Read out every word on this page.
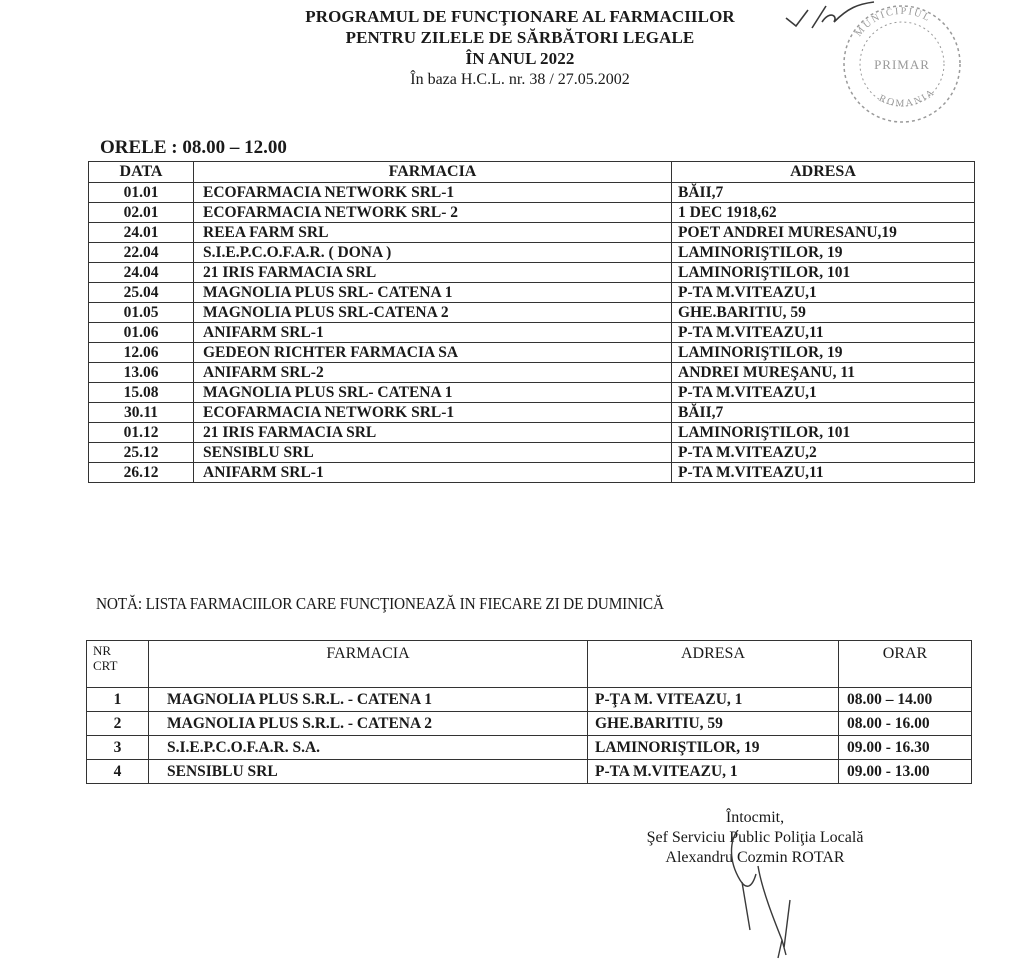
PROGRAMUL DE FUNCŢIONARE AL FARMACIILOR
PENTRU ZILELE DE SĂRBĂTORI LEGALE
ÎN ANUL 2022
În baza H.C.L. nr. 38 / 27.05.2002
MUNICIPIUL
ROMANIA
PRIMAR
ORELE : 08.00 – 12.00
DATA	FARMACIA	ADRESA
01.01	ECOFARMACIA NETWORK SRL-1	BĂII,7
02.01	ECOFARMACIA NETWORK SRL- 2	1 DEC 1918,62
24.01	REEA FARM SRL	POET ANDREI MURESANU,19
22.04	S.I.E.P.C.O.F.A.R. ( DONA )	LAMINORIŞTILOR, 19
24.04	21 IRIS FARMACIA SRL	LAMINORIŞTILOR, 101
25.04	MAGNOLIA PLUS SRL- CATENA 1	P-TA M.VITEAZU,1
01.05	MAGNOLIA PLUS SRL-CATENA 2	GHE.BARITIU, 59
01.06	ANIFARM SRL-1	P-TA M.VITEAZU,11
12.06	GEDEON RICHTER FARMACIA SA	LAMINORIŞTILOR, 19
13.06	ANIFARM SRL-2	ANDREI MUREŞANU, 11
15.08	MAGNOLIA PLUS SRL- CATENA 1	P-TA M.VITEAZU,1
30.11	ECOFARMACIA NETWORK SRL-1	BĂII,7
01.12	21 IRIS FARMACIA SRL	LAMINORIŞTILOR, 101
25.12	SENSIBLU SRL	P-TA M.VITEAZU,2
26.12	ANIFARM SRL-1	P-TA M.VITEAZU,11
NOTĂ: LISTA FARMACIILOR CARE FUNCŢIONEAZĂ IN FIECARE ZI DE DUMINICĂ
NR
CRT	FARMACIA	ADRESA	ORAR
1	MAGNOLIA PLUS S.R.L. - CATENA 1	P-ŢA M. VITEAZU, 1	08.00 – 14.00
2	MAGNOLIA PLUS S.R.L. - CATENA 2	GHE.BARITIU, 59	08.00 - 16.00
3	S.I.E.P.C.O.F.A.R. S.A.	LAMINORIŞTILOR, 19	09.00 - 16.30
4	SENSIBLU SRL	P-TA M.VITEAZU, 1	09.00 - 13.00
Întocmit,
Şef Serviciu Public Poliţia Locală
Alexandru Cozmin ROTAR
